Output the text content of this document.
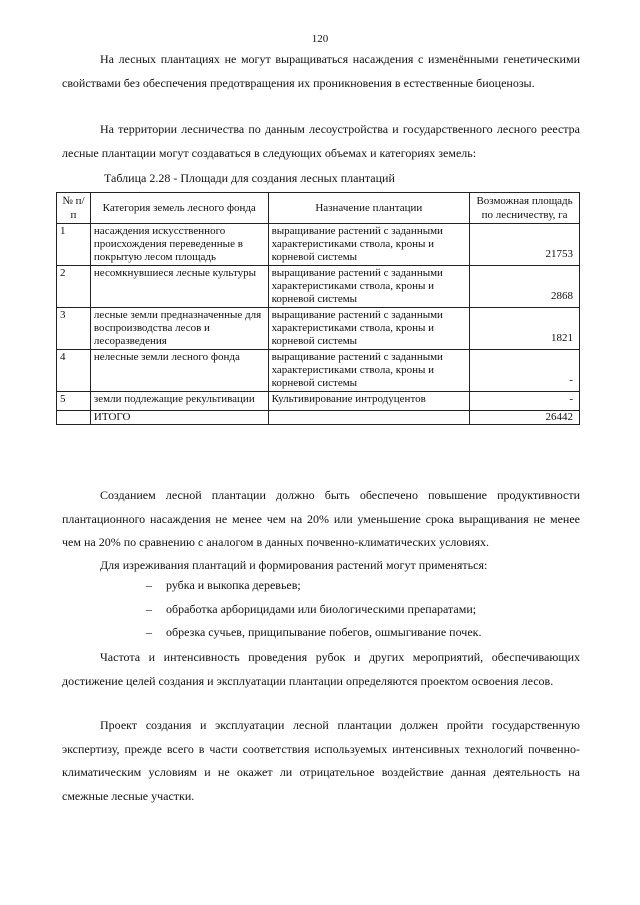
120

На лесных плантациях не могут выращиваться насаждения с изменёнными генетическими свойствами без обеспечения предотвращения их проникновения в естественные биоценозы.

На территории лесничества по данным лесоустройства и государственного лесного реестра лесные плантации могут создаваться в следующих объемах и категориях земель:

Таблица 2.28 - Площади для создания лесных плантаций
№ п/п	Категория земель лесного фонда	Назначение плантации	Возможная площадь по лесничеству, га
1	насаждения искусственного происхождения переведенные в покрытую лесом площадь	выращивание растений с заданными характеристиками ствола, кроны и корневой системы	21753
2	несомкнувшиеся лесные культуры	выращивание растений с заданными характеристиками ствола, кроны и корневой системы	2868
3	лесные земли предназначенные для воспроизводства лесов и лесоразведения	выращивание растений с заданными характеристиками ствола, кроны и корневой системы	1821
4	нелесные земли лесного фонда	выращивание растений с заданными характеристиками ствола, кроны и корневой системы	-
5	земли подлежащие рекультивации	Культивирование интродуцентов	-
	ИТОГО		26442

Созданием лесной плантации должно быть обеспечено повышение продуктивности плантационного насаждения не менее чем на 20% или уменьшение срока выращивания не менее чем на 20% по сравнению с аналогом в данных почвенно-климатических условиях.

Для изреживания плантаций и формирования растений могут применяться:

– рубка и выкопка деревьев;
– обработка арборицидами или биологическими препаратами;
– обрезка сучьев, прищипывание побегов, ошмыгивание почек.

Частота и интенсивность проведения рубок и других мероприятий, обеспечивающих достижение целей создания и эксплуатации плантации определяются проектом освоения лесов.

Проект создания и эксплуатации лесной плантации должен пройти государственную экспертизу, прежде всего в части соответствия используемых интенсивных технологий почвенно-климатическим условиям и не окажет ли отрицательное воздействие данная деятельность на смежные лесные участки.
